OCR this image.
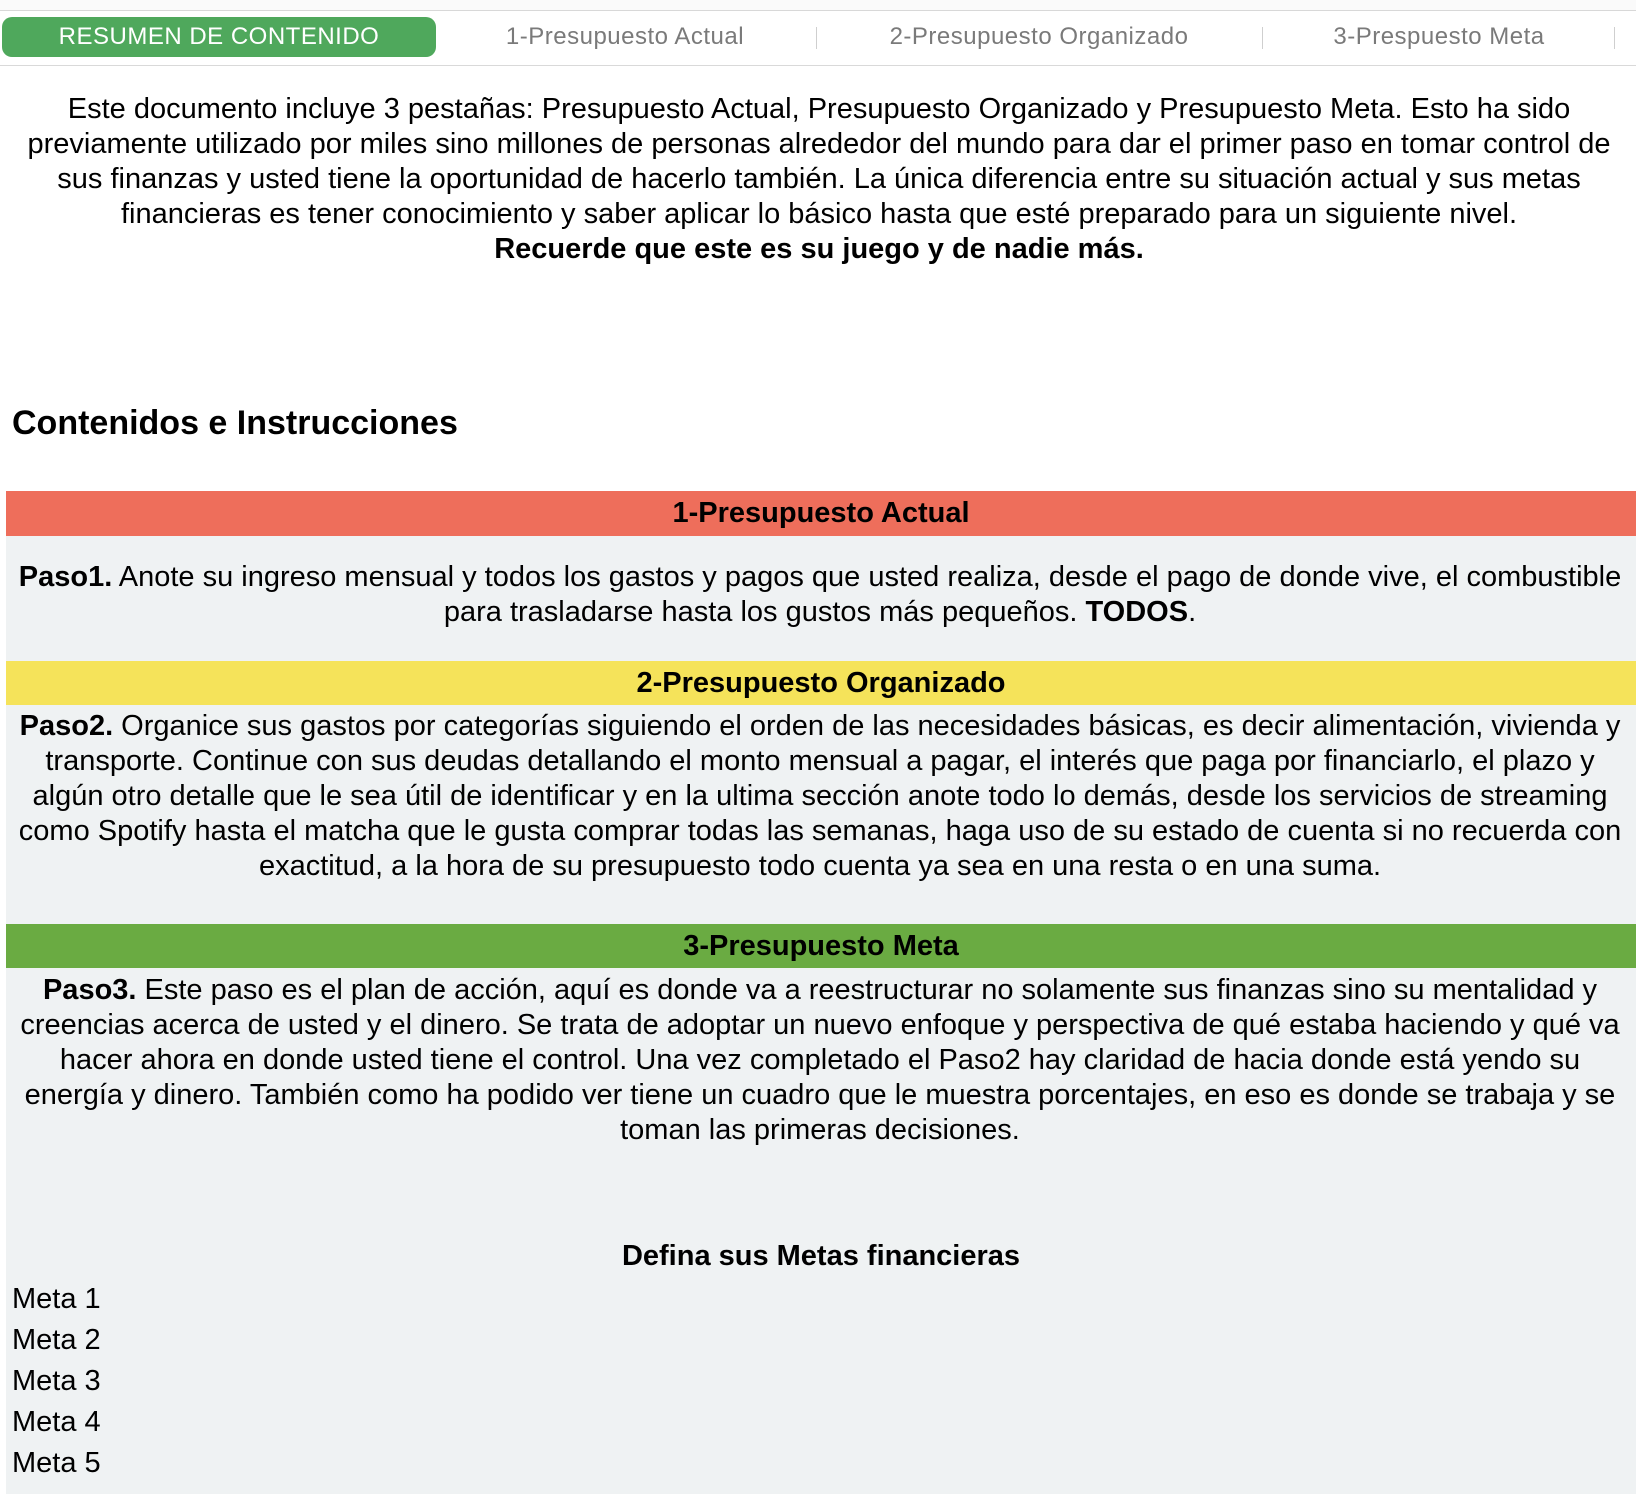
RESUMEN DE CONTENIDO	1-Presupuesto Actual	2-Presupuesto Organizado	3-Prespuesto Meta
Este documento incluye 3 pestañas: Presupuesto Actual, Presupuesto Organizado y Presupuesto Meta. Esto ha sido previamente utilizado por miles sino millones de personas alrededor del mundo para dar el primer paso en tomar control de sus finanzas y usted tiene la oportunidad de hacerlo también. La única diferencia entre su situación actual y sus metas financieras es tener conocimiento y saber aplicar lo básico hasta que esté preparado para un siguiente nivel.
Recuerde que este es su juego y de nadie más.
Contenidos e Instrucciones
1-Presupuesto Actual
Paso1. Anote su ingreso mensual y todos los gastos y pagos que usted realiza, desde el pago de donde vive, el combustible para trasladarse hasta los gustos más pequeños. TODOS.
2-Presupuesto Organizado
Paso2. Organice sus gastos por categorías siguiendo el orden de las necesidades básicas, es decir alimentación, vivienda y transporte. Continue con sus deudas detallando el monto mensual a pagar, el interés que paga por financiarlo, el plazo y algún otro detalle que le sea útil de identificar y en la ultima sección anote todo lo demás, desde los servicios de streaming como Spotify hasta el matcha que le gusta comprar todas las semanas, haga uso de su estado de cuenta si no recuerda con exactitud, a la hora de su presupuesto todo cuenta ya sea en una resta o en una suma.
3-Presupuesto Meta
Paso3. Este paso es el plan de acción, aquí es donde va a reestructurar no solamente sus finanzas sino su mentalidad y creencias acerca de usted y el dinero. Se trata de adoptar un nuevo enfoque y perspectiva de qué estaba haciendo y qué va hacer ahora en donde usted tiene el control. Una vez completado el Paso2 hay claridad de hacia donde está yendo su energía y dinero. También como ha podido ver tiene un cuadro que le muestra porcentajes, en eso es donde se trabaja y se toman las primeras decisiones.
Defina sus Metas financieras
Meta 1
Meta 2
Meta 3
Meta 4
Meta 5
